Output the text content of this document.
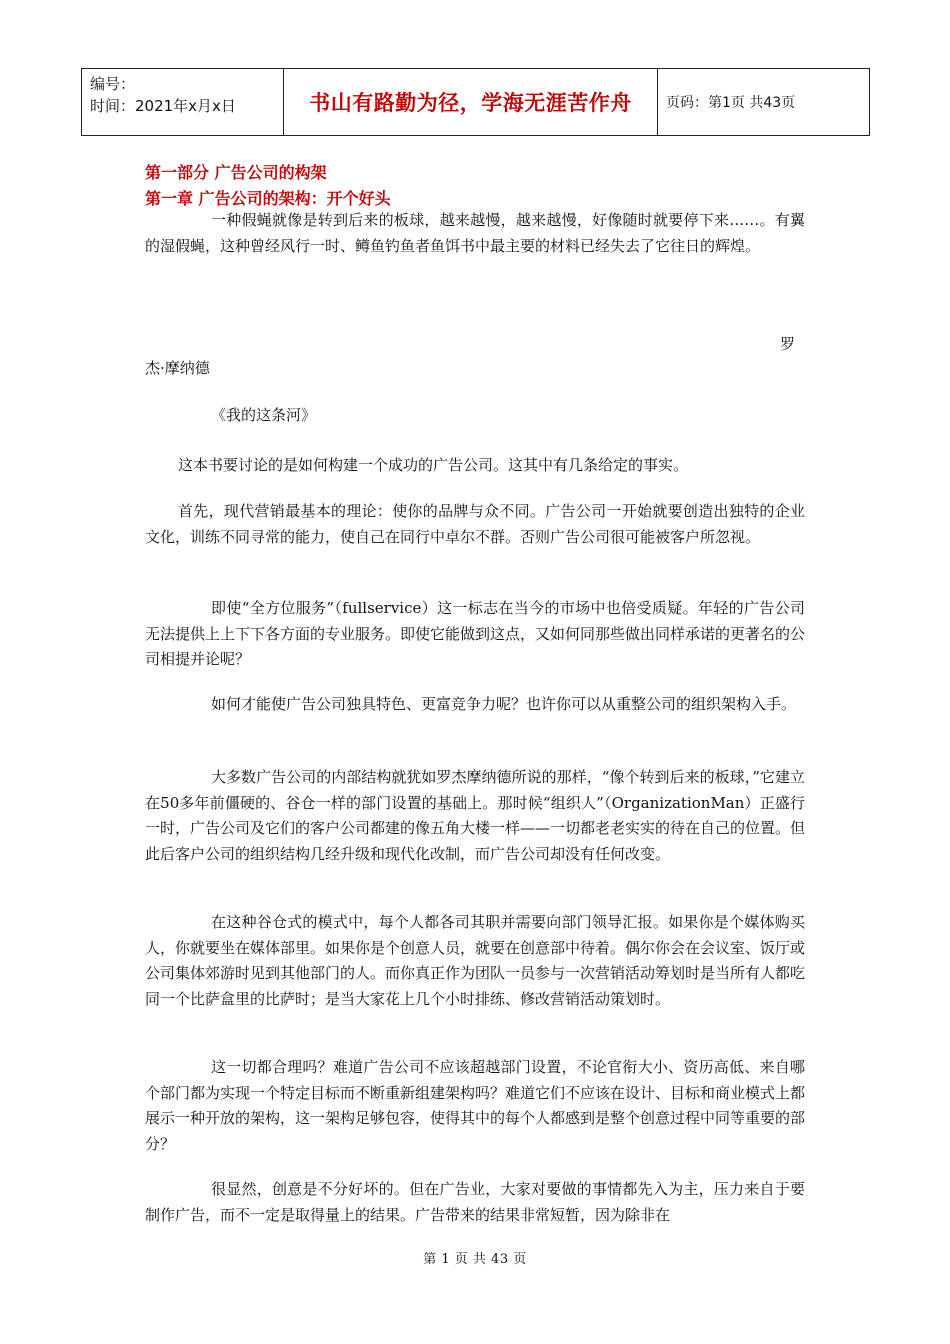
编号：
时间：2021年x月x日	书山有路勤为径，学海无涯苦作舟	页码：第1页 共43页
第一部分 广告公司的构架
第一章 广告公司的架构：开个好头
一种假蝇就像是转到后来的板球，越来越慢，越来越慢，好像随时就要停下来……。有翼的湿假蝇，这种曾经风行一时、鳟鱼钓鱼者鱼饵书中最主要的材料已经失去了它往日的辉煌。
罗
杰·摩纳德
《我的这条河》
这本书要讨论的是如何构建一个成功的广告公司。这其中有几条给定的事实。
首先，现代营销最基本的理论：使你的品牌与众不同。广告公司一开始就要创造出独特的企业文化，训练不同寻常的能力，使自己在同行中卓尔不群。否则广告公司很可能被客户所忽视。
即使“全方位服务”（fullservice）这一标志在当今的市场中也倍受质疑。年轻的广告公司无法提供上上下下各方面的专业服务。即使它能做到这点，又如何同那些做出同样承诺的更著名的公司相提并论呢？
如何才能使广告公司独具特色、更富竞争力呢？也许你可以从重整公司的组织架构入手。
大多数广告公司的内部结构就犹如罗杰摩纳德所说的那样，“像个转到后来的板球，”它建立在50多年前僵硬的、谷仓一样的部门设置的基础上。那时候“组织人”（OrganizationMan）正盛行一时，广告公司及它们的客户公司都建的像五角大楼一样——一切都老老实实的待在自己的位置。但此后客户公司的组织结构几经升级和现代化改制，而广告公司却没有任何改变。
在这种谷仓式的模式中，每个人都各司其职并需要向部门领导汇报。如果你是个媒体购买人，你就要坐在媒体部里。如果你是个创意人员，就要在创意部中待着。偶尔你会在会议室、饭厅或公司集体郊游时见到其他部门的人。而你真正作为团队一员参与一次营销活动筹划时是当所有人都吃同一个比萨盒里的比萨时；是当大家花上几个小时排练、修改营销活动策划时。
这一切都合理吗？难道广告公司不应该超越部门设置，不论官衔大小、资历高低、来自哪个部门都为实现一个特定目标而不断重新组建架构吗？难道它们不应该在设计、目标和商业模式上都展示一种开放的架构，这一架构足够包容，使得其中的每个人都感到是整个创意过程中同等重要的部分？
很显然，创意是不分好坏的。但在广告业，大家对要做的事情都先入为主，压力来自于要制作广告，而不一定是取得量上的结果。广告带来的结果非常短暂，因为除非在
第 1 页 共 43 页
